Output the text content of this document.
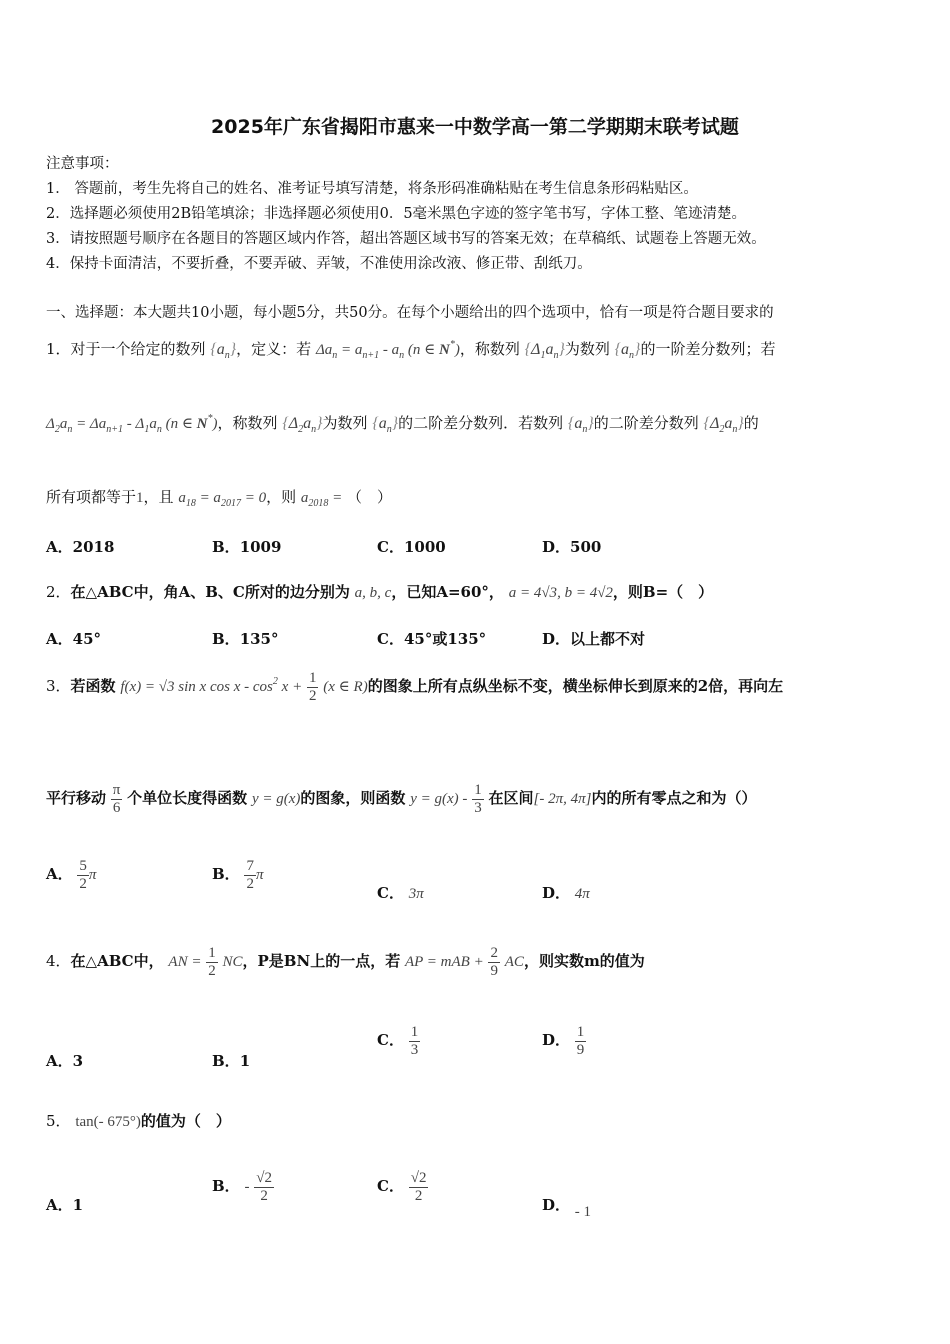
2025年广东省揭阳市惠来一中数学高一第二学期期末联考试题
注意事项：
1． 答题前，考生先将自己的姓名、准考证号填写清楚，将条形码准确粘贴在考生信息条形码粘贴区。
2．选择题必须使用2B铅笔填涂；非选择题必须使用0．5毫米黑色字迹的签字笔书写，字体工整、笔迹清楚。
3．请按照题号顺序在各题目的答题区域内作答，超出答题区域书写的答案无效；在草稿纸、试题卷上答题无效。
4．保持卡面清洁，不要折叠，不要弄破、弄皱，不准使用涂改液、修正带、刮纸刀。
一、选择题：本大题共10小题，每小题5分，共50分。在每个小题给出的四个选项中，恰有一项是符合题目要求的
1．对于一个给定的数列 $\{a_n\}$，定义：若 $\Delta a_n = a_{n+1} - a_n$ (n ∈ N*)，称数列 $\{\Delta_1a_n\}$为数列 $\{a_n\}$的一阶差分数列；若
$\Delta_2a_n = \Delta a_{n+1} - \Delta_1a_n$ (n ∈ N*)，称数列 $\{\Delta_2a_n\}$为数列 $\{a_n\}$的二阶差分数列．若数列 $\{a_n\}$的二阶差分数列 $\{\Delta_2a_n\}$的
所有项都等于1，且 $a_{18} = a_{2017} = 0$，则 $a_{2018}$ = （　）
A．2018	B．1009	C．1000	D．500
2．在△ABC中，角A、B、C所对的边分别为 a, b, c，已知A=60°， a = 4√3, b = 4√2，则B=（　）
A．45°	B．135°	C．45°或135°	D．以上都不对
3．若函数 f(x) = √3 sin x $\cos x - \cos^2 x + \frac{1}{2} (x$ ∈ R)的图象上所有点纵坐标不变，横坐标伸长到原来的2倍，再向左
平行移动 $\frac{\pi}{6}$ 个单位长度得函数 y = g(x)的图象，则函数 $y = g(x) - \frac{1}{3}$ 在区间[- 2π, 4π]内的所有零点之和为（）
A． $\frac{5}{2}$ π	B． $\frac{7}{2}$ π
C． 3π	D． 4π
4．在△ABC中， AN = $\frac{1}{2}$ NC，P是BN上的一点，若 AP = mAB + $\frac{2}{9}$ AC，则实数m的值为
A．3	B．1
C． $\frac{1}{3}$	D． $\frac{1}{9}$
5． tan(- 675°)的值为（　）
A．1
B． - $\frac{√2}{2}$	C． $\frac{√2}{2}$
D． - 1
